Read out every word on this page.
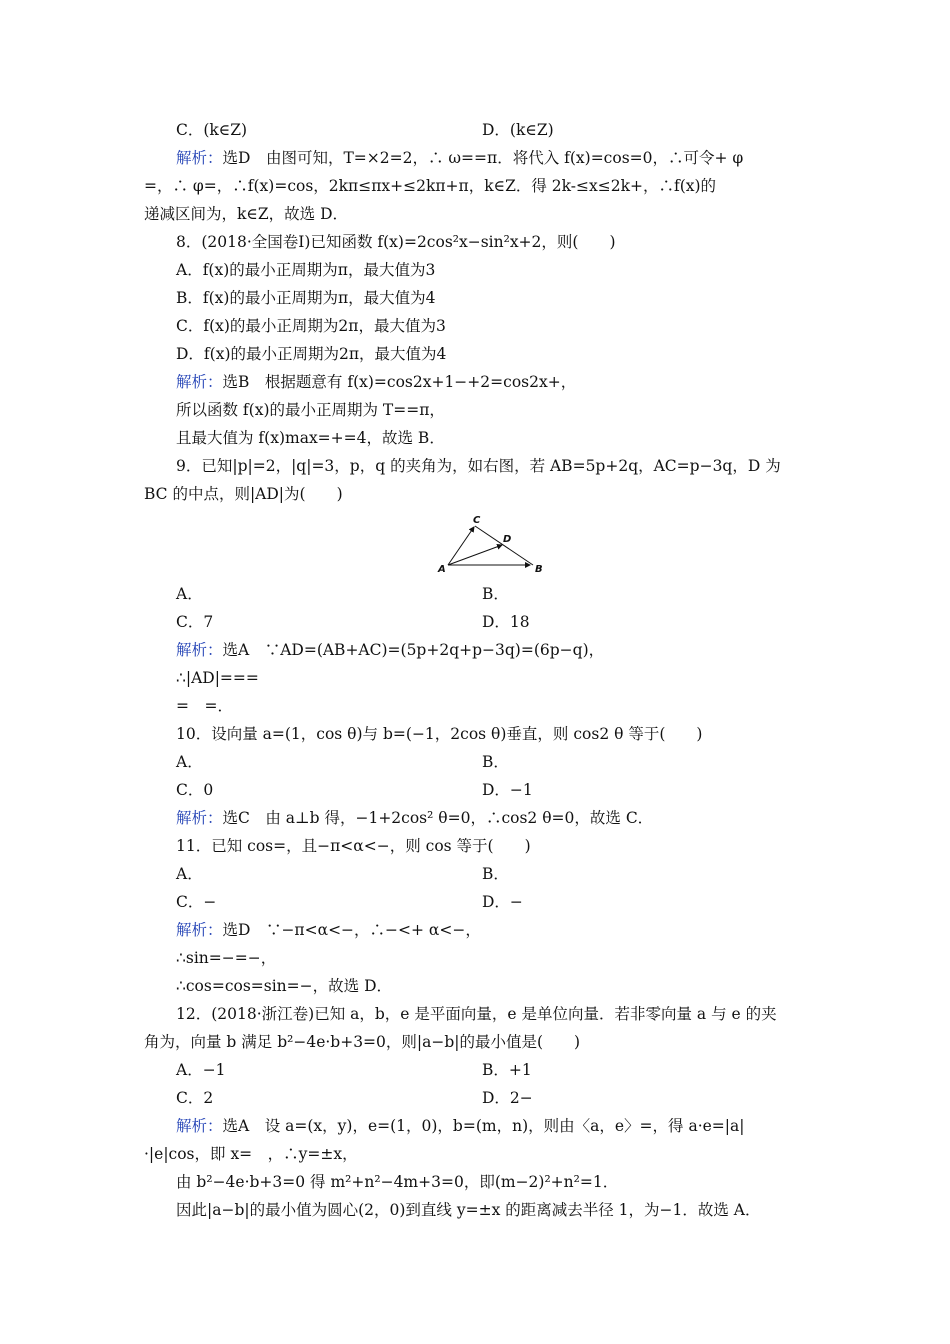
C．(k∈Z)	D．(k∈Z)
解析：选D　由图可知，T=×2=2，∴ ω==π．将代入 f(x)=cos=0，∴可令+ φ
=，∴ φ=，∴f(x)=cos，2kπ≤πx+≤2kπ+π，k∈Z．得 2k-≤x≤2k+，∴f(x)的
递减区间为，k∈Z，故选 D．
8．(2018·全国卷Ⅰ)已知函数 f(x)=2cos²x−sin²x+2，则(　　)
A．f(x)的最小正周期为π，最大值为3
B．f(x)的最小正周期为π，最大值为4
C．f(x)的最小正周期为2π，最大值为3
D．f(x)的最小正周期为2π，最大值为4
解析：选B　根据题意有 f(x)=cos2x+1−+2=cos2x+，
所以函数 f(x)的最小正周期为 T==π，
且最大值为 f(x)max=+=4，故选 B．
9．已知|p|=2，|q|=3，p，q 的夹角为，如右图，若 AB=5p+2q，AC=p−3q，D 为
BC 的中点，则|AD|为(　　)
A．	B．
C．7	D．18
解析：选A　∵AD=(AB+AC)=(5p+2q+p−3q)=(6p−q)，
∴|AD|===
=　=．
10．设向量 a=(1，cos θ)与 b=(−1，2cos θ)垂直，则 cos2 θ 等于(　　)
A．	B．
C．0	D．−1
解析：选C　由 a⊥b 得，−1+2cos² θ=0，∴cos2 θ=0，故选 C．
11．已知 cos=，且−π<α<−，则 cos 等于(　　)
A．	B．
C．−	D．−
解析：选D　∵−π<α<−，∴−<+ α<−，
∴sin=−=−，
∴cos=cos=sin=−，故选 D．
12．(2018·浙江卷)已知 a，b，e 是平面向量，e 是单位向量．若非零向量 a 与 e 的夹
角为，向量 b 满足 b²−4e·b+3=0，则|a−b|的最小值是(　　)
A．−1	B．+1
C．2	D．2−
解析：选A　设 a=(x，y)，e=(1，0)，b=(m，n)，则由〈a，e〉=，得 a·e=|a|
·|e|cos，即 x=　，∴y=±x，
由 b²−4e·b+3=0 得 m²+n²−4m+3=0，即(m−2)²+n²=1．
因此|a−b|的最小值为圆心(2，0)到直线 y=±x 的距离减去半径 1，为−1．故选 A．
C
D
A	B
